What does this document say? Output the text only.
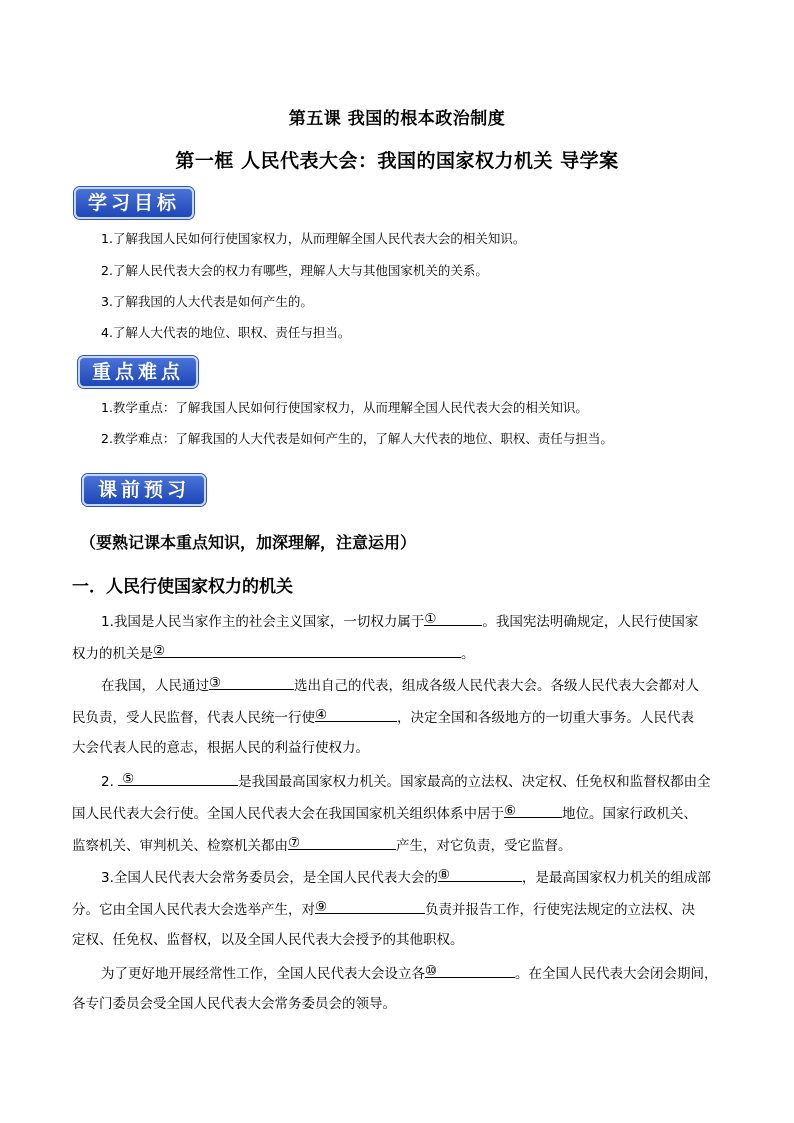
第五课 我国的根本政治制度
第一框 人民代表大会：我国的国家权力机关 导学案
学习目标
1.了解我国人民如何行使国家权力，从而理解全国人民代表大会的相关知识。
2.了解人民代表大会的权力有哪些，理解人大与其他国家机关的关系。
3.了解我国的人大代表是如何产生的。
4.了解人大代表的地位、职权、责任与担当。
重点难点
1.教学重点：了解我国人民如何行使国家权力，从而理解全国人民代表大会的相关知识。
2.教学难点：了解我国的人大代表是如何产生的，了解人大代表的地位、职权、责任与担当。
课前预习
（要熟记课本重点知识，加深理解，注意运用）
一．人民行使国家权力的机关
1.我国是人民当家作主的社会主义国家，一切权力属于 ①	。我国宪法明确规定，人民行使国家
权力的机关是 ②	。
在我国，人民通过 ③	选出自己的代表，组成各级人民代表大会。各级人民代表大会都对人
民负责，受人民监督，代表人民统一行使 ④	，决定全国和各级地方的一切重大事务。人民代表
大会代表人民的意志，根据人民的利益行使权力。
2. ⑤	是我国最高国家权力机关。国家最高的立法权、决定权、任免权和监督权都由全
国人民代表大会行使。全国人民代表大会在我国国家机关组织体系中居于 ⑥	地位。国家行政机关、
监察机关、审判机关、检察机关都由 ⑦	产生，对它负责，受它监督。
3.全国人民代表大会常务委员会，是全国人民代表大会的 ⑧	，是最高国家权力机关的组成部
分。它由全国人民代表大会选举产生，对 ⑨	负责并报告工作，行使宪法规定的立法权、决
定权、任免权、监督权，以及全国人民代表大会授予的其他职权。
为了更好地开展经常性工作，全国人民代表大会设立各 ⑩	。在全国人民代表大会闭会期间，
各专门委员会受全国人民代表大会常务委员会的领导。
